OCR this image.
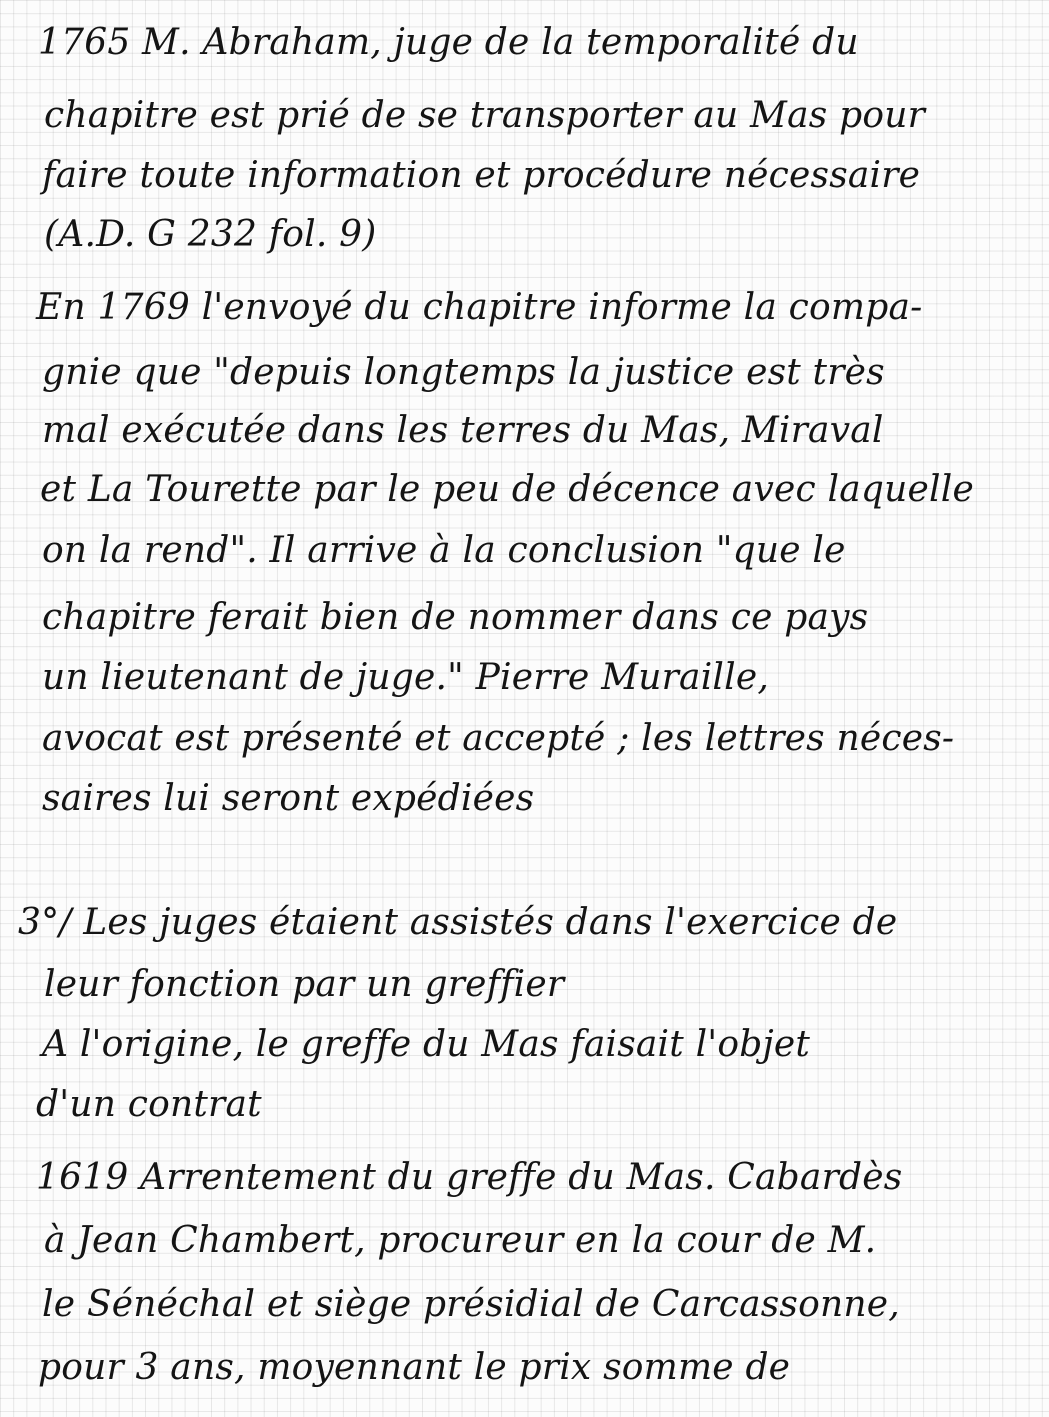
1765 M. Abraham, juge de la temporalité du

chapitre est prié de se transporter au Mas pour

faire toute information et procédure nécessaire

(A.D. G 232 fol. 9)

En 1769 l'envoyé du chapitre informe la compa-

gnie que "depuis longtemps la justice est très

mal exécutée dans les terres du Mas, Miraval

et La Tourette par le peu de décence avec laquelle

on la rend". Il arrive à la conclusion "que le

chapitre ferait bien de nommer dans ce pays

un lieutenant de juge." Pierre Muraille,

avocat est présenté et accepté ; les lettres néces-

saires lui seront expédiées

3°/ Les juges étaient assistés dans l'exercice de

leur fonction par un greffier

A l'origine, le greffe du Mas faisait l'objet

d'un contrat

1619 Arrentement du greffe du Mas. Cabardès

à Jean Chambert, procureur en la cour de M.

le Sénéchal et siège présidial de Carcassonne,

pour 3 ans, moyennant le prix somme de
